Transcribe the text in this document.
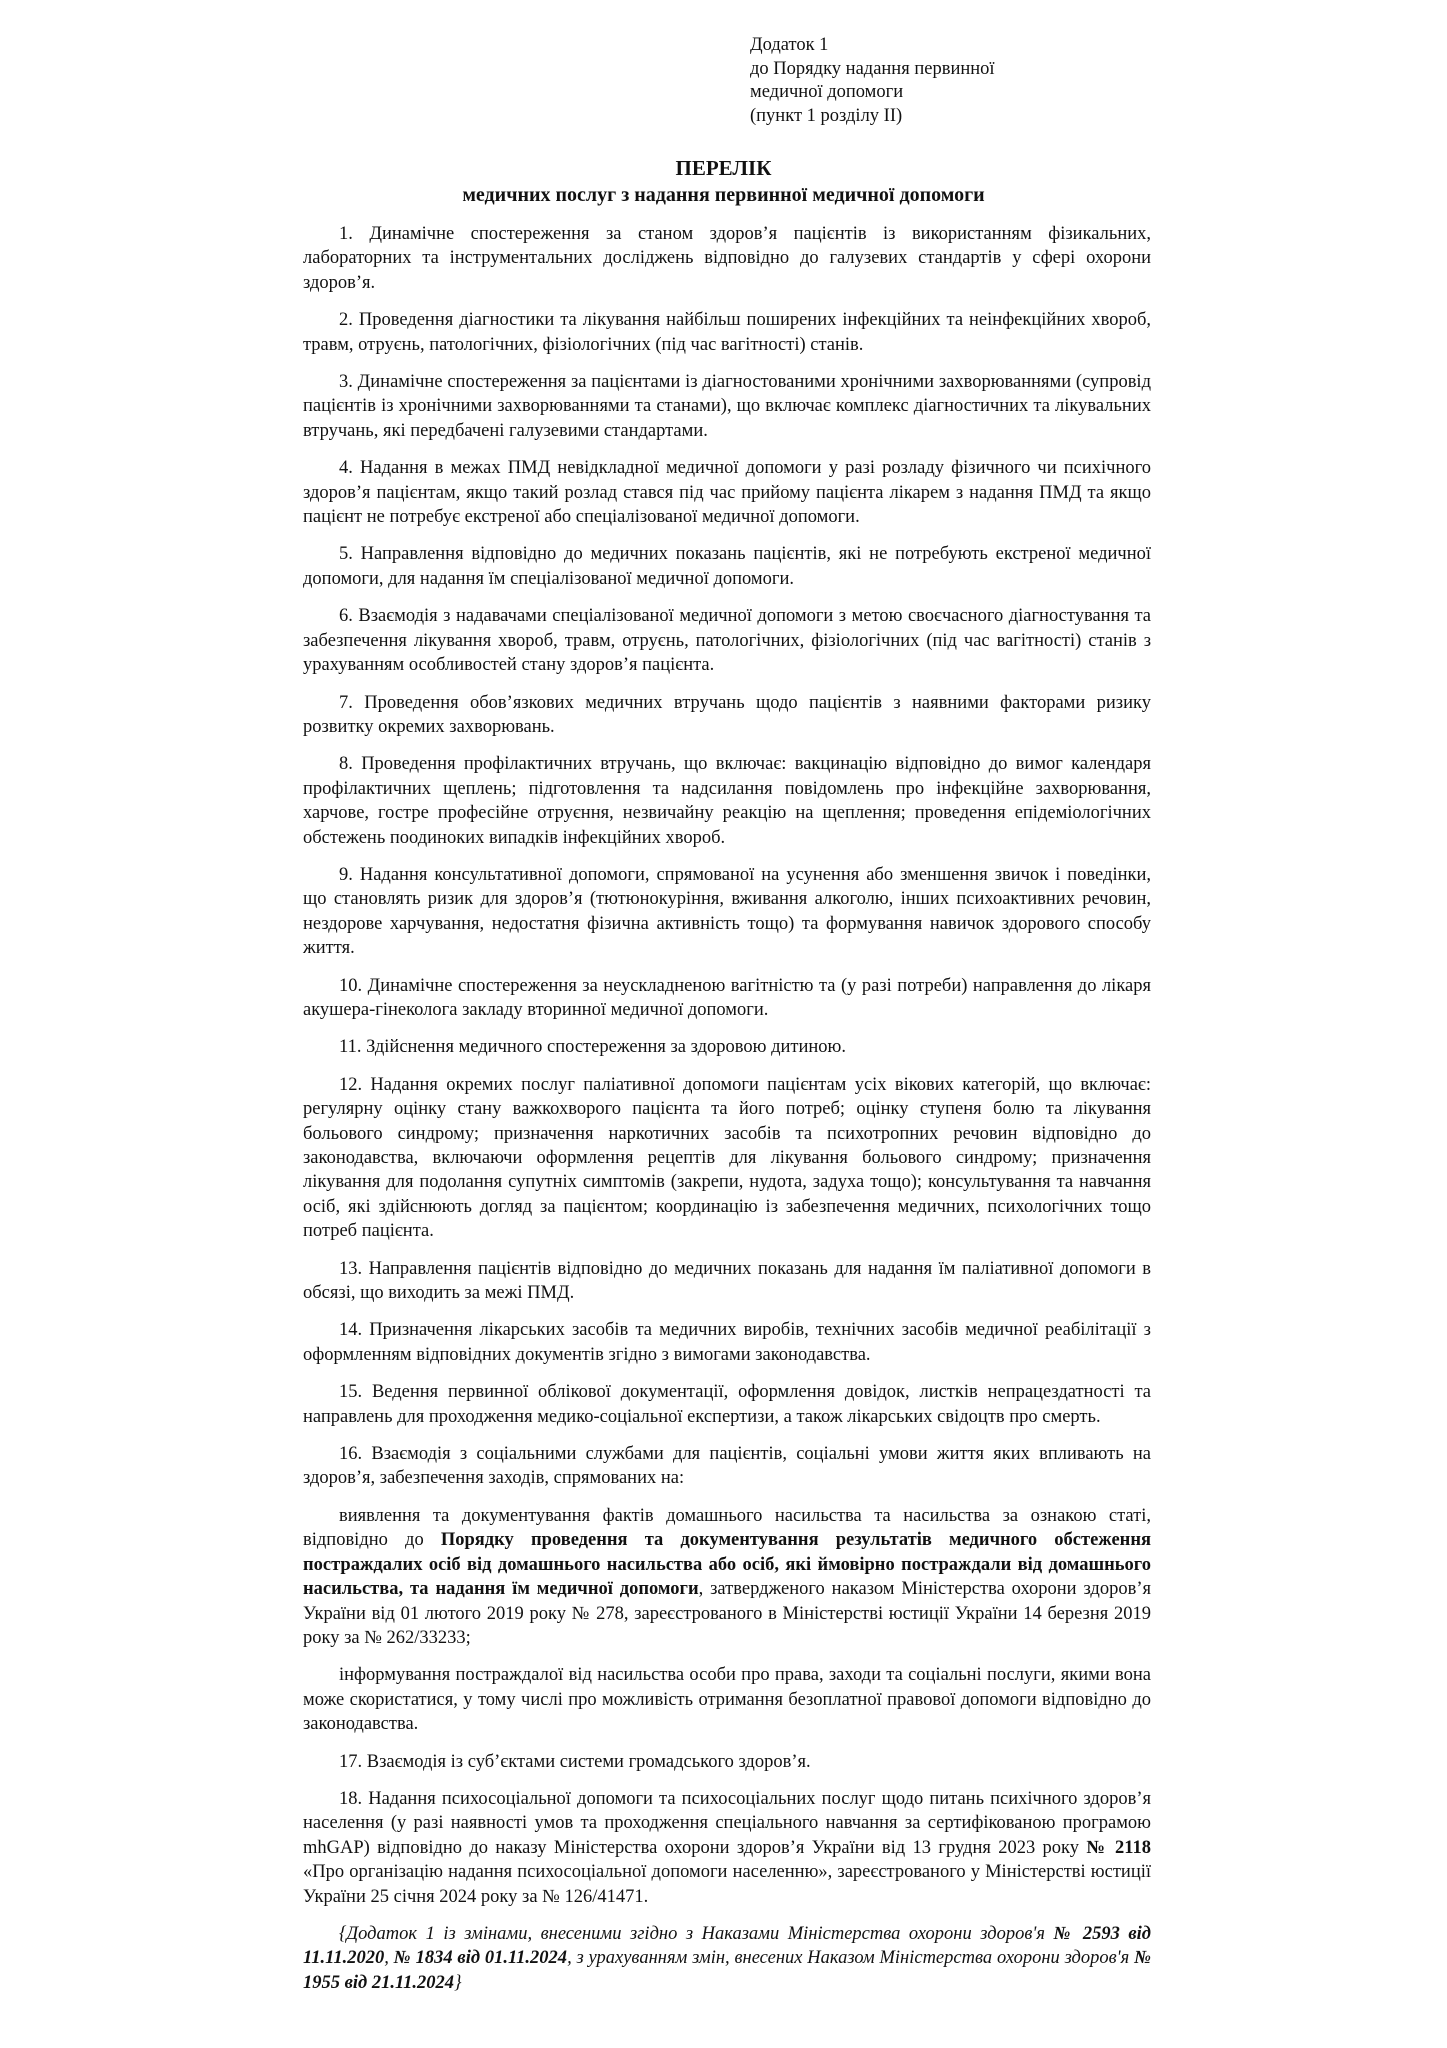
Додаток 1
до Порядку надання первинної
медичної допомоги
(пункт 1 розділу ІІ)
ПЕРЕЛІК
медичних послуг з надання первинної медичної допомоги

1. Динамічне спостереження за станом здоров’я пацієнтів із використанням фізикальних, лабораторних та інструментальних досліджень відповідно до галузевих стандартів у сфері охорони здоров’я.

2. Проведення діагностики та лікування найбільш поширених інфекційних та неінфекційних хвороб, травм, отруєнь, патологічних, фізіологічних (під час вагітності) станів.

3. Динамічне спостереження за пацієнтами із діагностованими хронічними захворюваннями (супровід пацієнтів із хронічними захворюваннями та станами), що включає комплекс діагностичних та лікувальних втручань, які передбачені галузевими стандартами.

4. Надання в межах ПМД невідкладної медичної допомоги у разі розладу фізичного чи психічного здоров’я пацієнтам, якщо такий розлад стався під час прийому пацієнта лікарем з надання ПМД та якщо пацієнт не потребує екстреної або спеціалізованої медичної допомоги.

5. Направлення відповідно до медичних показань пацієнтів, які не потребують екстреної медичної допомоги, для надання їм спеціалізованої медичної допомоги.

6. Взаємодія з надавачами спеціалізованої медичної допомоги з метою своєчасного діагностування та забезпечення лікування хвороб, травм, отруєнь, патологічних, фізіологічних (під час вагітності) станів з урахуванням особливостей стану здоров’я пацієнта.

7. Проведення обов’язкових медичних втручань щодо пацієнтів з наявними факторами ризику розвитку окремих захворювань.

8. Проведення профілактичних втручань, що включає: вакцинацію відповідно до вимог календаря профілактичних щеплень; підготовлення та надсилання повідомлень про інфекційне захворювання, харчове, гостре професійне отруєння, незвичайну реакцію на щеплення; проведення епідеміологічних обстежень поодиноких випадків інфекційних хвороб.

9. Надання консультативної допомоги, спрямованої на усунення або зменшення звичок і поведінки, що становлять ризик для здоров’я (тютюнокуріння, вживання алкоголю, інших психоактивних речовин, нездорове харчування, недостатня фізична активність тощо) та формування навичок здорового способу життя.

10. Динамічне спостереження за неускладненою вагітністю та (у разі потреби) направлення до лікаря акушера-гінеколога закладу вторинної медичної допомоги.

11. Здійснення медичного спостереження за здоровою дитиною.

12. Надання окремих послуг паліативної допомоги пацієнтам усіх вікових категорій, що включає: регулярну оцінку стану важкохворого пацієнта та його потреб; оцінку ступеня болю та лікування больового синдрому; призначення наркотичних засобів та психотропних речовин відповідно до законодавства, включаючи оформлення рецептів для лікування больового синдрому; призначення лікування для подолання супутніх симптомів (закрепи, нудота, задуха тощо); консультування та навчання осіб, які здійснюють догляд за пацієнтом; координацію із забезпечення медичних, психологічних тощо потреб пацієнта.

13. Направлення пацієнтів відповідно до медичних показань для надання їм паліативної допомоги в обсязі, що виходить за межі ПМД.

14. Призначення лікарських засобів та медичних виробів, технічних засобів медичної реабілітації з оформленням відповідних документів згідно з вимогами законодавства.

15. Ведення первинної облікової документації, оформлення довідок, листків непрацездатності та направлень для проходження медико-соціальної експертизи, а також лікарських свідоцтв про смерть.

16. Взаємодія з соціальними службами для пацієнтів, соціальні умови життя яких впливають на здоров’я, забезпечення заходів, спрямованих на:

виявлення та документування фактів домашнього насильства та насильства за ознакою статі, відповідно до Порядку проведення та документування результатів медичного обстеження постраждалих осіб від домашнього насильства або осіб, які ймовірно постраждали від домашнього насильства, та надання їм медичної допомоги, затвердженого наказом Міністерства охорони здоров’я України від 01 лютого 2019 року № 278, зареєстрованого в Міністерстві юстиції України 14 березня 2019 року за № 262/33233;

інформування постраждалої від насильства особи про права, заходи та соціальні послуги, якими вона може скористатися, у тому числі про можливість отримання безоплатної правової допомоги відповідно до законодавства.

17. Взаємодія із суб’єктами системи громадського здоров’я.

18. Надання психосоціальної допомоги та психосоціальних послуг щодо питань психічного здоров’я населення (у разі наявності умов та проходження спеціального навчання за сертифікованою програмою mhGAP) відповідно до наказу Міністерства охорони здоров’я України від 13 грудня 2023 року № 2118 «Про організацію надання психосоціальної допомоги населенню», зареєстрованого у Міністерстві юстиції України 25 січня 2024 року за № 126/41471.

{Додаток 1 із змінами, внесеними згідно з Наказами Міністерства охорони здоров'я № 2593 від 11.11.2020, № 1834 від 01.11.2024, з урахуванням змін, внесених Наказом Міністерства охорони здоров'я № 1955 від 21.11.2024}
